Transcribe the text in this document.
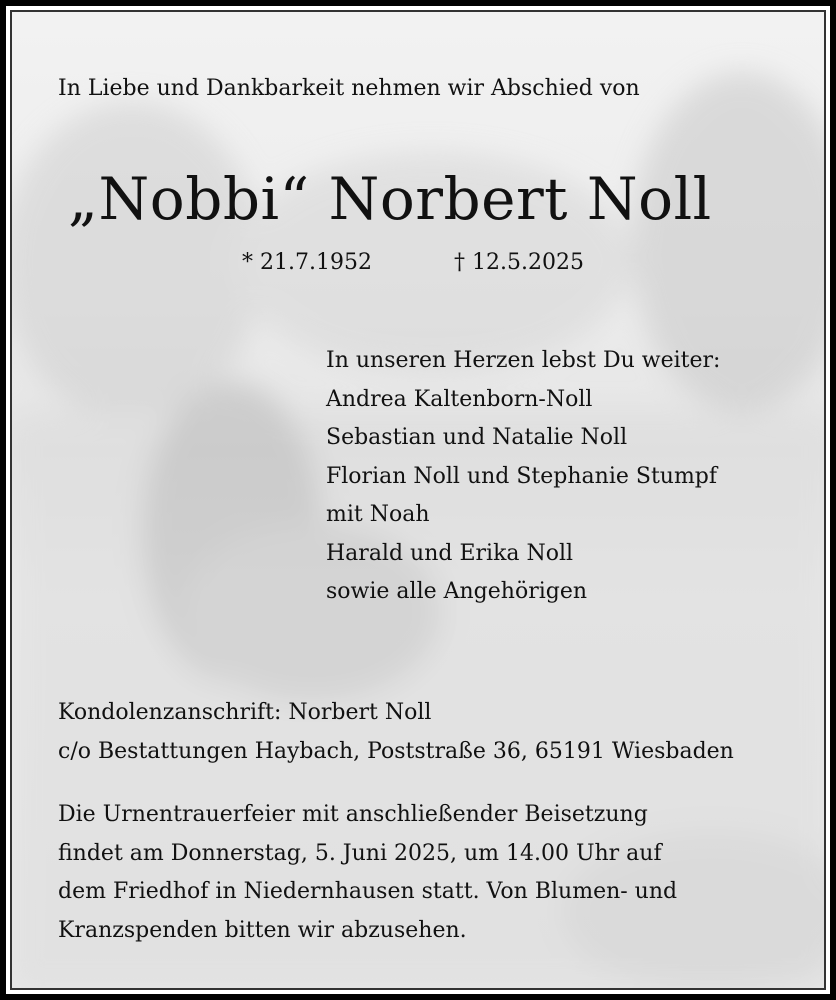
In Liebe und Dankbarkeit nehmen wir Abschied von
„Nobbi“ Norbert Noll
* 21.7.1952	† 12.5.2025
In unseren Herzen lebst Du weiter:
Andrea Kaltenborn-Noll
Sebastian und Natalie Noll
Florian Noll und Stephanie Stumpf
mit Noah
Harald und Erika Noll
sowie alle Angehörigen
Kondolenzanschrift: Norbert Noll
c/o Bestattungen Haybach, Poststraße 36, 65191 Wiesbaden
Die Urnentrauerfeier mit anschließender Beisetzung
findet am Donnerstag, 5. Juni 2025, um 14.00 Uhr auf
dem Friedhof in Niedernhausen statt. Von Blumen- und
Kranzspenden bitten wir abzusehen.
